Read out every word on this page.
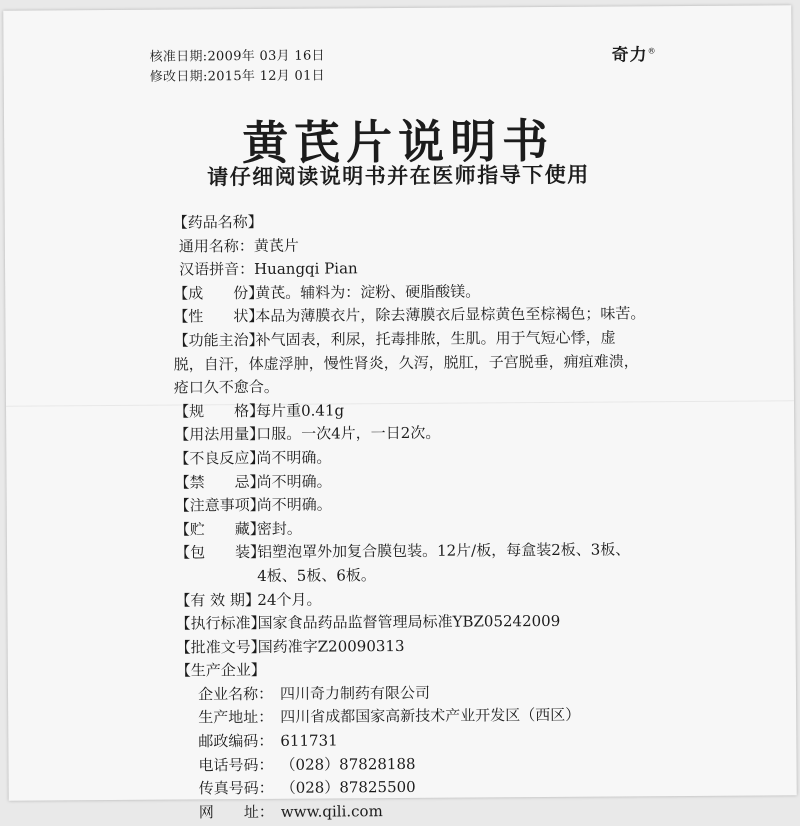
核准日期:2009年 03月 16日
修改日期:2015年 12月 01日
奇力®
黄芪片说明书
请仔细阅读说明书并在医师指导下使用
【药品名称】
通用名称：黄芪片
汉语拼音：Huangqi Pian
【成　　份】
黄芪。辅料为：淀粉、硬脂酸镁。
【性　　状】
本品为薄膜衣片，除去薄膜衣后显棕黄色至棕褐色；味苦。
【功能主治】
补气固表，利尿，托毒排脓，生肌。用于气短心悸，虚
脱，自汗，体虚浮肿，慢性肾炎，久泻，脱肛，子宫脱垂，痈疽难溃，
疮口久不愈合。
【规　　格】
每片重0.41g
【用法用量】
口服。一次4片，一日2次。
【不良反应】
尚不明确。
【禁　　忌】
尚不明确。
【注意事项】
尚不明确。
【贮　　藏】
密封。
【包　　装】
铝塑泡罩外加复合膜包装。12片/板，每盒装2板、3板、
4板、5板、6板。
【有 效 期】
24个月。
【执行标准】
国家食品药品监督管理局标准YBZ05242009
【批准文号】
国药准字Z20090313
【生产企业】
企业名称： 四川奇力制药有限公司
生产地址： 四川省成都国家高新技术产业开发区（西区）
邮政编码： 611731
电话号码： （028）87828188
传真号码： （028）87825500
网　　址： www.qili.com
